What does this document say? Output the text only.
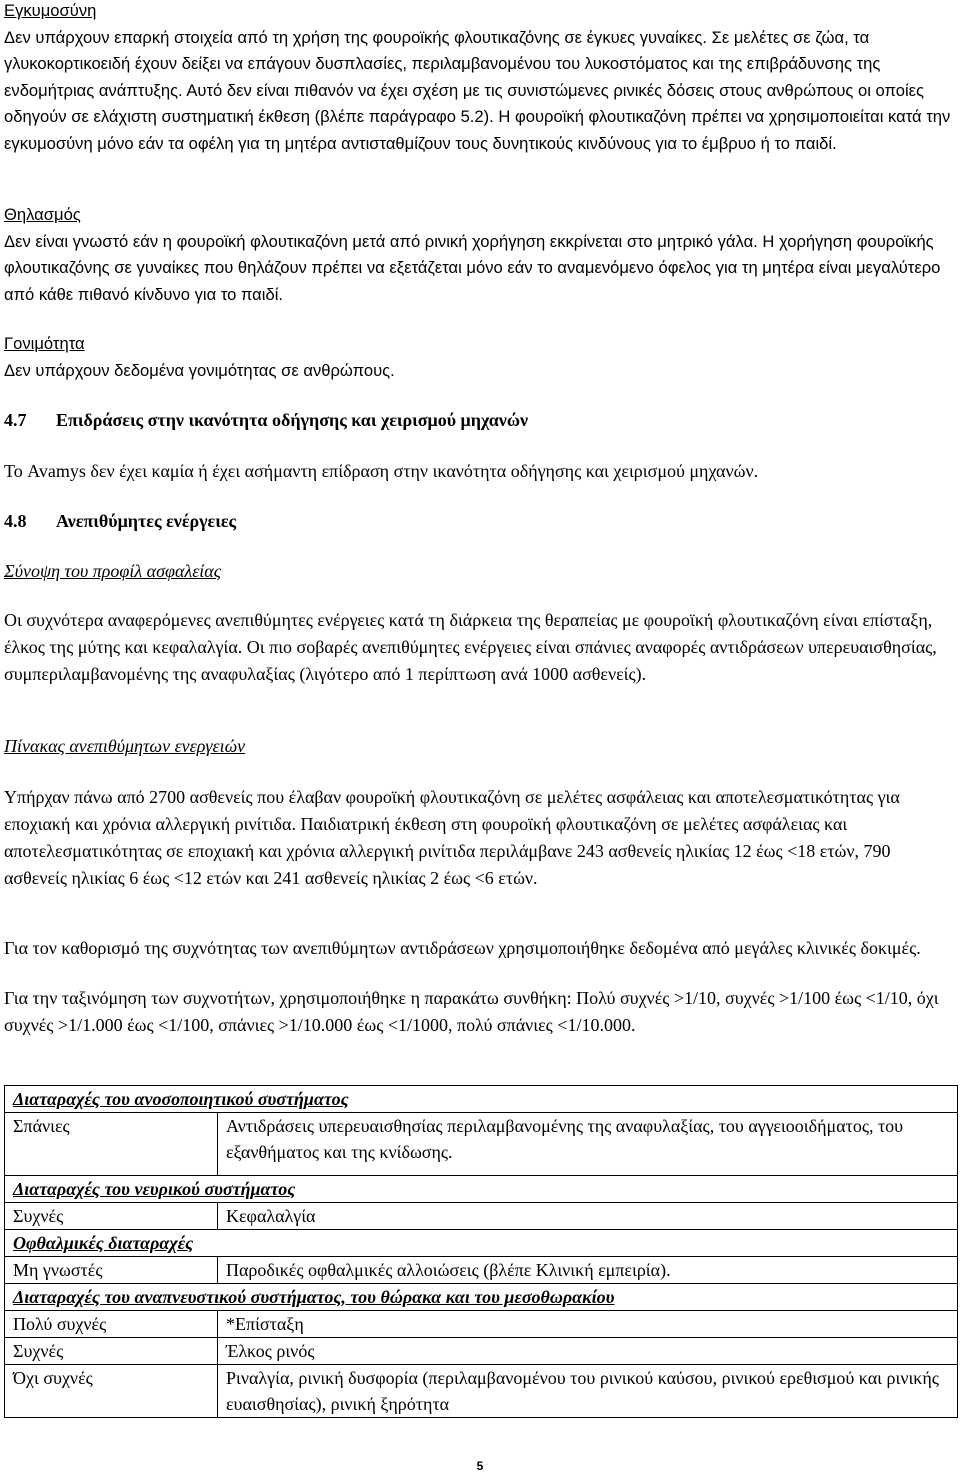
Εγκυμοσύνη
Δεν υπάρχουν επαρκή στοιχεία από τη χρήση της φουροϊκής φλουτικαζόνης σε έγκυες γυναίκες. Σε μελέτες σε ζώα, τα γλυκοκορτικοειδή έχουν δείξει να επάγουν δυσπλασίες, περιλαμβανομένου του λυκοστόματος και της επιβράδυνσης της ενδομήτριας ανάπτυξης. Αυτό δεν είναι πιθανόν να έχει σχέση με τις συνιστώμενες ρινικές δόσεις στους ανθρώπους οι οποίες οδηγούν σε ελάχιστη συστηματική έκθεση (βλέπε παράγραφο 5.2). Η φουροϊκή φλουτικαζόνη πρέπει να χρησιμοποιείται κατά την εγκυμοσύνη μόνο εάν τα οφέλη για τη μητέρα αντισταθμίζουν τους δυνητικούς κινδύνους για το έμβρυο ή το παιδί.
Θηλασμός
Δεν είναι γνωστό εάν η φουροϊκή φλουτικαζόνη μετά από ρινική χορήγηση εκκρίνεται στο μητρικό γάλα. Η χορήγηση φουροϊκής φλουτικαζόνης σε γυναίκες που θηλάζουν πρέπει να εξετάζεται μόνο εάν το αναμενόμενο όφελος για τη μητέρα είναι μεγαλύτερο από κάθε πιθανό κίνδυνο για το παιδί.
Γονιμότητα
Δεν υπάρχουν δεδομένα γονιμότητας σε ανθρώπους.
4.7 Επιδράσεις στην ικανότητα οδήγησης και χειρισμού μηχανών
Το Avamys δεν έχει καμία ή έχει ασήμαντη επίδραση στην ικανότητα οδήγησης και χειρισμού μηχανών.
4.8 Ανεπιθύμητες ενέργειες
Σύνοψη του προφίλ ασφαλείας
Οι συχνότερα αναφερόμενες ανεπιθύμητες ενέργειες κατά τη διάρκεια της θεραπείας με φουροϊκή φλουτικαζόνη είναι επίσταξη, έλκος της μύτης και κεφαλαλγία. Οι πιο σοβαρές ανεπιθύμητες ενέργειες είναι σπάνιες αναφορές αντιδράσεων υπερευαισθησίας, συμπεριλαμβανομένης της αναφυλαξίας (λιγότερο από 1 περίπτωση ανά 1000 ασθενείς).
Πίνακας ανεπιθύμητων ενεργειών
Υπήρχαν πάνω από 2700 ασθενείς που έλαβαν φουροϊκή φλουτικαζόνη σε μελέτες ασφάλειας και αποτελεσματικότητας για εποχιακή και χρόνια αλλεργική ρινίτιδα. Παιδιατρική έκθεση στη φουροϊκή φλουτικαζόνη σε μελέτες ασφάλειας και αποτελεσματικότητας σε εποχιακή και χρόνια αλλεργική ρινίτιδα περιλάμβανε 243 ασθενείς ηλικίας 12 έως <18 ετών, 790 ασθενείς ηλικίας 6 έως <12 ετών και 241 ασθενείς ηλικίας 2 έως <6 ετών.
Για τον καθορισμό της συχνότητας των ανεπιθύμητων αντιδράσεων χρησιμοποιήθηκε δεδομένα από μεγάλες κλινικές δοκιμές.
Για την ταξινόμηση των συχνοτήτων, χρησιμοποιήθηκε η παρακάτω συνθήκη: Πολύ συχνές >1/10, συχνές >1/100 έως <1/10, όχι συχνές >1/1.000 έως <1/100, σπάνιες >1/10.000 έως <1/1000, πολύ σπάνιες <1/10.000.
Διαταραχές του ανοσοποιητικού συστήματος	
Σπάνιες	Αντιδράσεις υπερευαισθησίας περιλαμβανομένης της αναφυλαξίας, του αγγειοοιδήματος, του εξανθήματος και της κνίδωσης.

Διαταραχές του νευρικού συστήματος	
Συχνές	Κεφαλαλγία
Οφθαλμικές διαταραχές	
Μη γνωστές	Παροδικές οφθαλμικές αλλοιώσεις (βλέπε Κλινική εμπειρία).
Διαταραχές του αναπνευστικού συστήματος, του θώρακα και του μεσοθωρακίου	
Πολύ συχνές	*Επίσταξη
Συχνές	Έλκος ρινός
Όχι συχνές	Ριναλγία, ρινική δυσφορία (περιλαμβανομένου του ρινικού καύσου, ρινικού ερεθισμού και ρινικής ευαισθησίας), ρινική ξηρότητα
5
